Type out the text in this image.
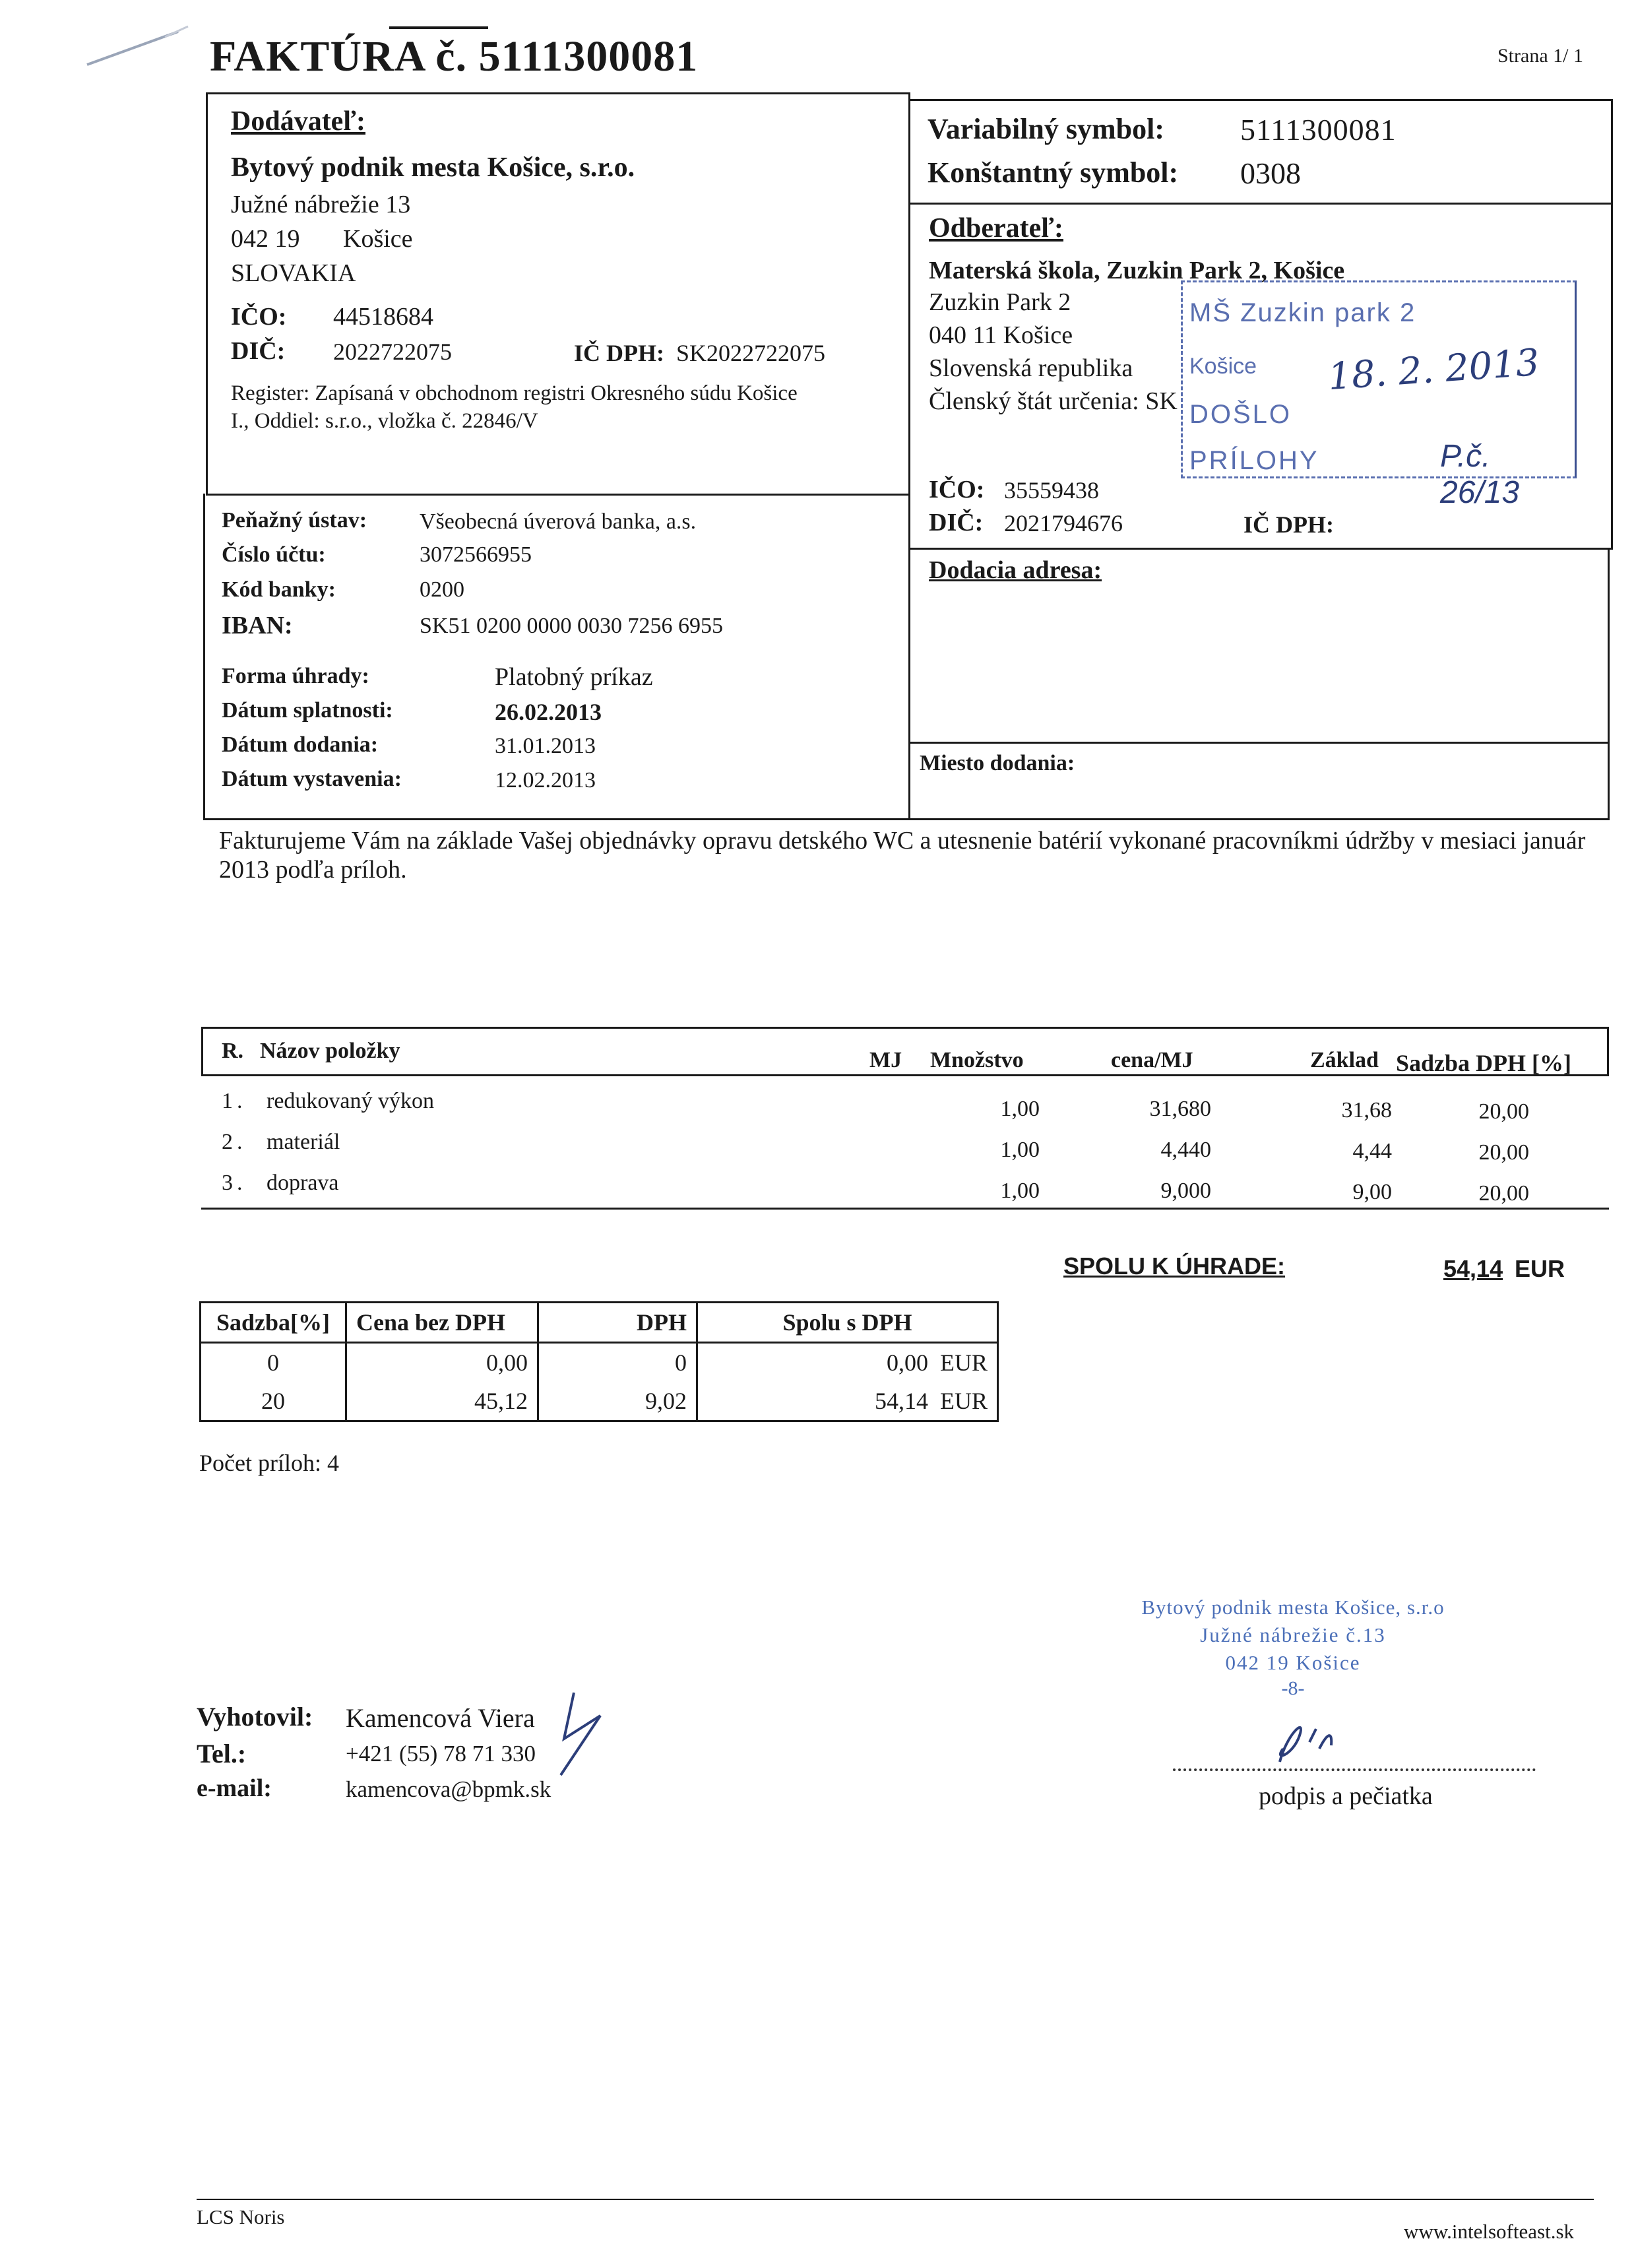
FAKTÚRA č. 5111300081	Strana 1/ 1
Dodávateľ:
Bytový podnik mesta Košice, s.r.o.
Južné nábrežie 13
042 19 Košice
SLOVAKIA
IČO: 44518684
DIČ: 2022722075	IČ DPH: SK2022722075
Register: Zapísaná v obchodnom registri Okresného súdu Košice
I., Oddiel: s.r.o., vložka č. 22846/V
Peňažný ústav: Všeobecná úverová banka, a.s.
Číslo účtu:	3072566955
Kód banky:	0200
IBAN:	SK51 0200 0000 0030 7256 6955
Forma úhrady:	Platobný príkaz
Dátum splatnosti:	26.02.2013
Dátum dodania:	31.01.2013
Dátum vystavenia:	12.02.2013
Variabilný symbol: 5111300081
Konštantný symbol: 0308
Odberateľ:
Materská škola, Zuzkin Park 2, Košice
Zuzkin Park 2
040 11 Košice
Slovenská republika
Členský štát určenia: SK
IČO: 35559438
DIČ: 2021794676	IČ DPH:
MŠ Zuzkin park 2
Košice 18. 2. 2013
DOŠLO
PRÍLOHY	P.č. 26/13
Dodacia adresa:
Miesto dodania:
Fakturujeme Vám na základe Vašej objednávky opravu detského WC a utesnenie batérií vykonané pracovníkmi údržby v mesiaci január 2013 podľa príloh.
R. Názov položky	MJ Množstvo	cena/MJ	Základ Sadzba DPH [%]
1. redukovaný výkon	1,00	31,680	31,68	20,00
2. materiál	1,00	4,440	4,44	20,00
3. doprava	1,00	9,000	9,00	20,00
SPOLU K ÚHRADE:	54,14 EUR
Sadzba[%]	Cena bez DPH	DPH	Spolu s DPH
0	0,00	0	0,00 EUR
20	45,12	9,02	54,14 EUR
Počet príloh: 4
Bytový podnik mesta Košice, s.r.o
Južné nábrežie č.13
042 19 Košice
-8-
podpis a pečiatka
Vyhotovil: Kamencová Viera
Tel.:	+421 (55) 78 71 330
e-mail:	kamencova@bpmk.sk
LCS Noris
www.intelsofteast.sk
